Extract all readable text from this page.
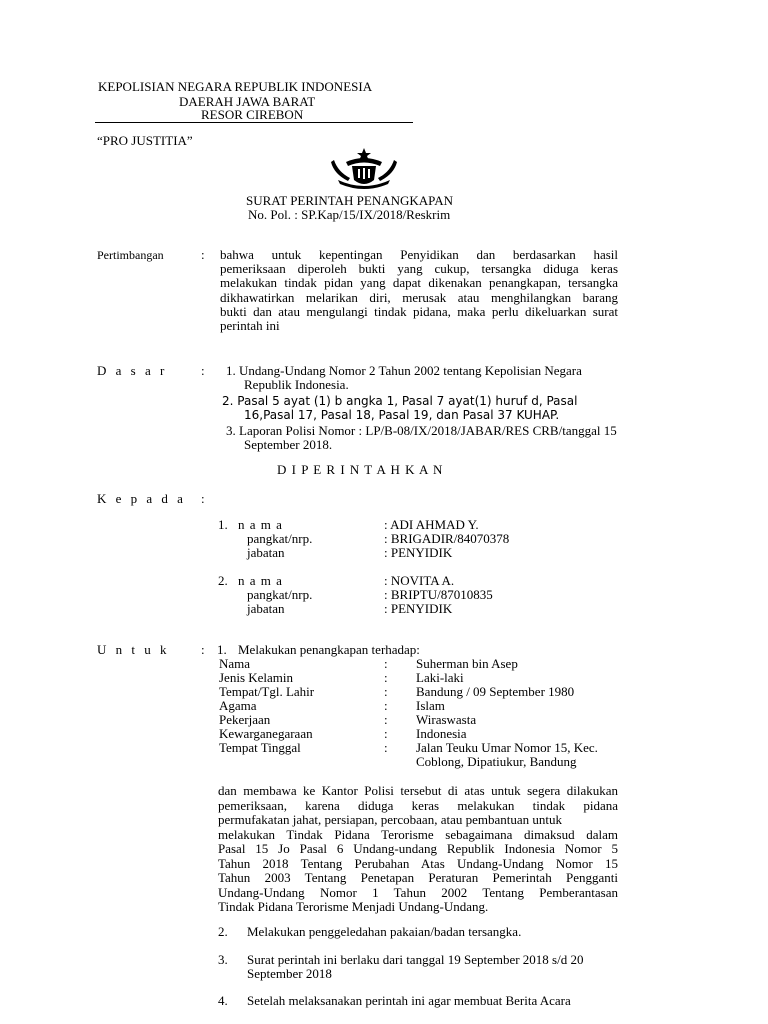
KEPOLISIAN NEGARA REPUBLIK INDONESIA
DAERAH JAWA BARAT
RESOR CIREBON
“PRO JUSTITIA”
SURAT PERINTAH PENANGKAPAN
No. Pol. : SP.Kap/15/IX/2018/Reskrim
Pertimbangan	: bahwa untuk kepentingan Penyidikan dan berdasarkan hasil
pemeriksaan diperoleh bukti yang cukup, tersangka diduga keras
melakukan tindak pidan yang dapat dikenakan penangkapan, tersangka
dikhawatirkan melarikan diri, merusak atau menghilangkan barang
bukti dan atau mengulangi tindak pidana, maka perlu dikeluarkan surat
perintah ini
D a s a r	: 1. Undang-Undang Nomor 2 Tahun 2002 tentang Kepolisian Negara
Republik Indonesia.
2. Pasal 5 ayat (1) b angka 1, Pasal 7 ayat(1) huruf d, Pasal
16,Pasal 17, Pasal 18, Pasal 19, dan Pasal 37 KUHAP.
3. Laporan Polisi Nomor : LP/B-08/IX/2018/JABAR/RES CRB/tanggal 15
September 2018.
D I P E R I N T A H K A N
K e p a d a :
1. n a m a	: ADI AHMAD Y.
pangkat/nrp.	: BRIGADIR/84070378
jabatan	: PENYIDIK
2. n a m a	: NOVITA A.
pangkat/nrp.	: BRIPTU/87010835
jabatan	: PENYIDIK
U n t u k : 1. Melakukan penangkapan terhadap:
Nama	: Suherman bin Asep
Jenis Kelamin	: Laki-laki
Tempat/Tgl. Lahir	: Bandung / 09 September 1980
Agama	: Islam
Pekerjaan	: Wiraswasta
Kewarganegaraan	: Indonesia
Tempat Tinggal	: Jalan Teuku Umar Nomor 15, Kec.
Coblong, Dipatiukur, Bandung
dan membawa ke Kantor Polisi tersebut di atas untuk segera dilakukan
pemeriksaan, karena diduga keras melakukan tindak pidana
permufakatan jahat, persiapan, percobaan, atau pembantuan untuk
melakukan Tindak Pidana Terorisme sebagaimana dimaksud dalam
Pasal 15 Jo Pasal 6 Undang-undang Republik Indonesia Nomor 5
Tahun 2018 Tentang Perubahan Atas Undang-Undang Nomor 15
Tahun 2003 Tentang Penetapan Peraturan Pemerintah Pengganti
Undang-Undang Nomor 1 Tahun 2002 Tentang Pemberantasan
Tindak Pidana Terorisme Menjadi Undang-Undang.
2. Melakukan penggeledahan pakaian/badan tersangka.
3. Surat perintah ini berlaku dari tanggal 19 September 2018 s/d 20
September 2018
4. Setelah melaksanakan perintah ini agar membuat Berita Acara
